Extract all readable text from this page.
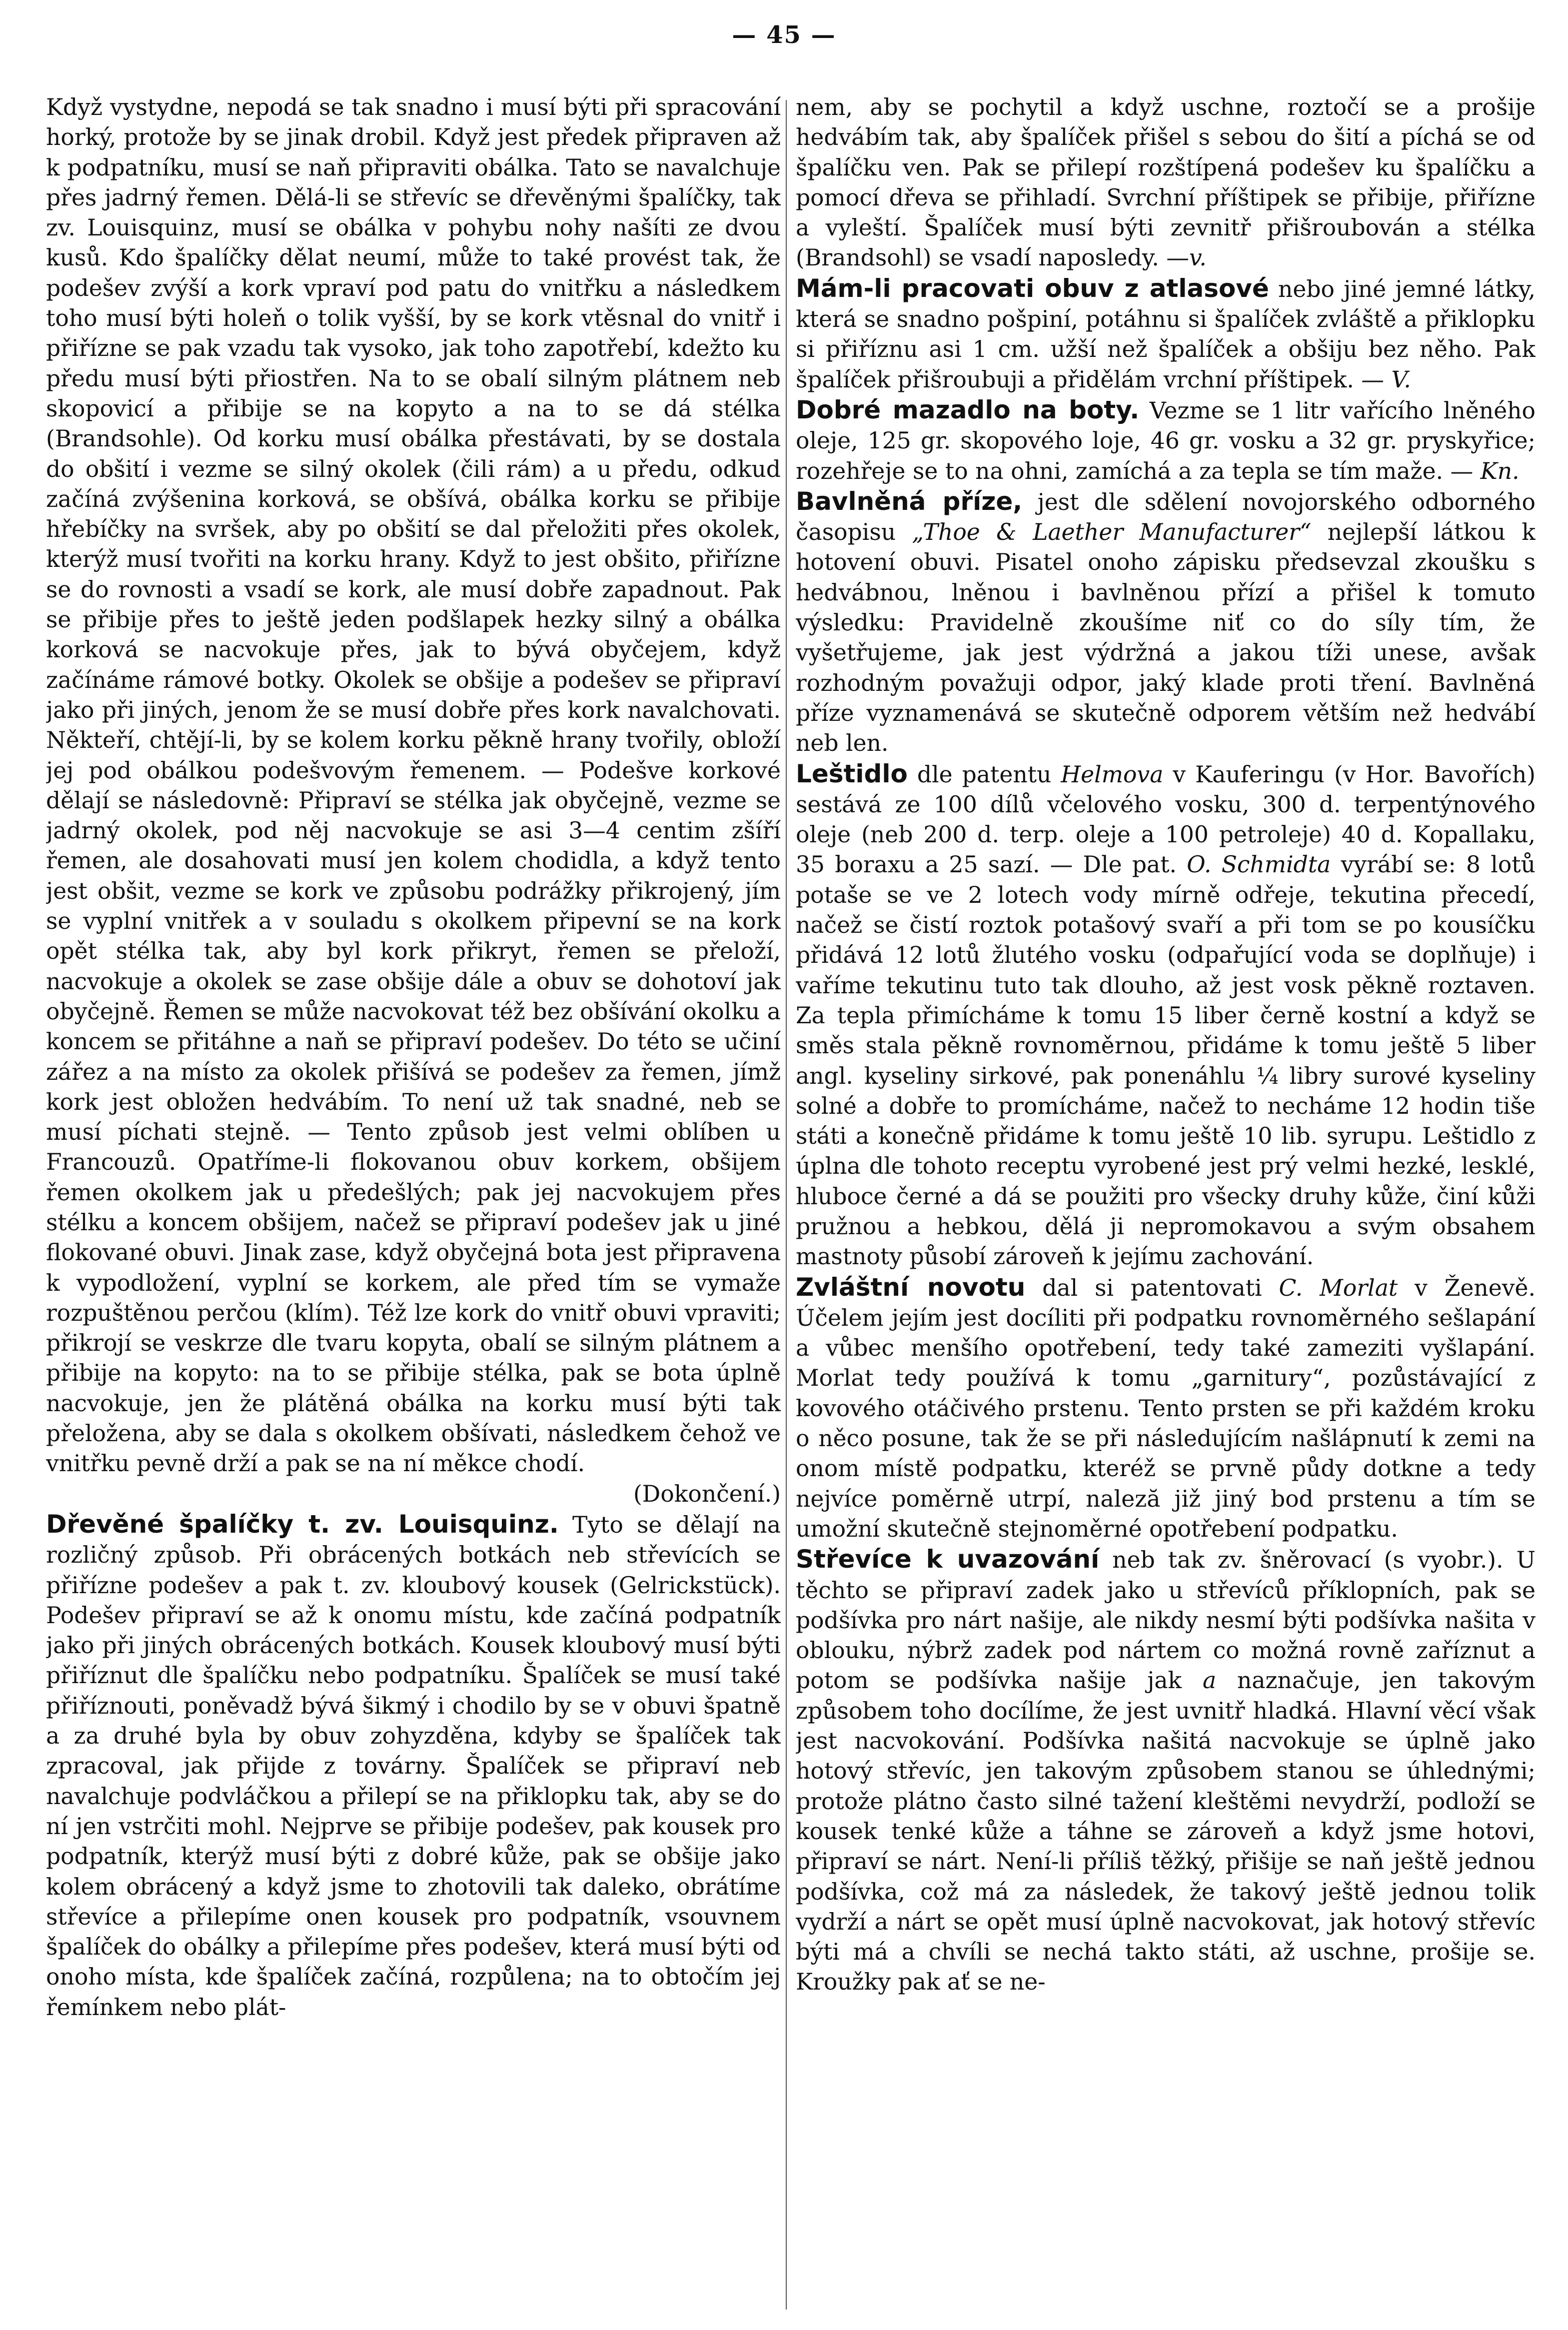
— 45 —

Když vystydne, nepodá se tak snadno i musí býti při spracování horký, protože by se jinak drobil. Když jest předek připraven až k podpatníku, musí se naň připraviti obálka. Tato se navalchuje přes jadrný řemen. Dělá-li se střevíc se dřevěnými špalíčky, tak zv. Louisquinz, musí se obálka v pohybu nohy našíti ze dvou kusů. Kdo špalíčky dělat neumí, může to také provést tak, že podešev zvýší a kork vpraví pod patu do vnitřku a následkem toho musí býti holeň o tolik vyšší, by se kork vtěsnal do vnitř i přiřízne se pak vzadu tak vysoko, jak toho zapotřebí, kdežto ku předu musí býti přiostřen. Na to se obalí silným plátnem neb skopovicí a přibije se na kopyto a na to se dá stélka (Brandsohle). Od korku musí obálka přestávati, by se dostala do obšití i vezme se silný okolek (čili rám) a u předu, odkud začíná zvýšenina korková, se obšívá, obálka korku se přibije hřebíčky na svršek, aby po obšití se dal přeložiti přes okolek, kterýž musí tvořiti na korku hrany. Když to jest obšito, přiřízne se do rovnosti a vsadí se kork, ale musí dobře zapadnout. Pak se přibije přes to ještě jeden podšlapek hezky silný a obálka korková se nacvokuje přes, jak to bývá obyčejem, když začínáme rámové botky. Okolek se obšije a podešev se připraví jako při jiných, jenom že se musí dobře přes kork navalchovati. Někteří, chtějí-li, by se kolem korku pěkně hrany tvořily, obloží jej pod obálkou podešvovým řemenem. — Podešve korkové dělají se následovně: Připraví se stélka jak obyčejně, vezme se jadrný okolek, pod něj nacvokuje se asi 3—4 centim zšíří řemen, ale dosahovati musí jen kolem chodidla, a když tento jest obšit, vezme se kork ve způsobu podrážky přikrojený, jím se vyplní vnitřek a v souladu s okolkem připevní se na kork opět stélka tak, aby byl kork přikryt, řemen se přeloží, nacvokuje a okolek se zase obšije dále a obuv se dohotoví jak obyčejně. Řemen se může nacvokovat též bez obšívání okolku a koncem se přitáhne a naň se připraví podešev. Do této se učiní zářez a na místo za okolek přišívá se podešev za řemen, jímž kork jest obložen hedvábím. To není už tak snadné, neb se musí píchati stejně. — Tento způsob jest velmi oblíben u Francouzů. Opatříme-li flokovanou obuv korkem, obšijem řemen okolkem jak u předešlých; pak jej nacvokujem přes stélku a koncem obšijem, načež se připraví podešev jak u jiné flokované obuvi. Jinak zase, když obyčejná bota jest připravena k vypodložení, vyplní se korkem, ale před tím se vymaže rozpuštěnou perčou (klím). Též lze kork do vnitř obuvi vpraviti; přikrojí se veskrze dle tvaru kopyta, obalí se silným plátnem a přibije na kopyto: na to se přibije stélka, pak se bota úplně nacvokuje, jen že plátěná obálka na korku musí býti tak přeložena, aby se dala s okolkem obšívati, následkem čehož ve vnitřku pevně drží a pak se na ní měkce chodí.

(Dokončení.)

Dřevěné špalíčky t. zv. Louisquinz. Tyto se dělají na rozličný způsob. Při obrácených botkách neb střevících se přiřízne podešev a pak t. zv. kloubový kousek (Gelrickstück). Podešev připraví se až k onomu místu, kde začíná podpatník jako při jiných obrácených botkách. Kousek kloubový musí býti přiříznut dle špalíčku nebo podpatníku. Špalíček se musí také přiříznouti, poněvadž bývá šikmý i chodilo by se v obuvi špatně a za druhé byla by obuv zohyzděna, kdyby se špalíček tak zpracoval, jak přijde z továrny. Špalíček se připraví neb navalchuje podvláčkou a přilepí se na přiklopku tak, aby se do ní jen vstrčiti mohl. Nejprve se přibije podešev, pak kousek pro podpatník, kterýž musí býti z dobré kůže, pak se obšije jako kolem obrácený a když jsme to zhotovili tak daleko, obrátíme střevíce a přilepíme onen kousek pro podpatník, vsouvnem špalíček do obálky a přilepíme přes podešev, která musí býti od onoho místa, kde špalíček začíná, rozpůlena; na to obtočím jej řemínkem nebo plát-

nem, aby se pochytil a když uschne, roztočí se a prošije hedvábím tak, aby špalíček přišel s sebou do šití a píchá se od špalíčku ven. Pak se přilepí rozštípená podešev ku špalíčku a pomocí dřeva se přihladí. Svrchní příštipek se přibije, přiřízne a vyleští. Špalíček musí býti zevnitř přišroubován a stélka (Brandsohl) se vsadí naposledy. —v.

Mám-li pracovati obuv z atlasové nebo jiné jemné látky, která se snadno pošpiní, potáhnu si špalíček zvláště a přiklopku si přiříznu asi 1 cm. užší než špalíček a obšiju bez něho. Pak špalíček přišroubuji a přidělám vrchní příštipek. — V.

Dobré mazadlo na boty. Vezme se 1 litr vařícího lněného oleje, 125 gr. skopového loje, 46 gr. vosku a 32 gr. pryskyřice; rozehřeje se to na ohni, zamíchá a za tepla se tím maže. — Kn.

Bavlněná příze, jest dle sdělení novojorského odborného časopisu „Thoe & Laether Manufacturer“ nejlepší látkou k hotovení obuvi. Pisatel onoho zápisku předsevzal zkoušku s hedvábnou, lněnou i bavlněnou přízí a přišel k tomuto výsledku: Pravidelně zkoušíme niť co do síly tím, že vyšetřujeme, jak jest výdržná a jakou tíži unese, avšak rozhodným považuji odpor, jaký klade proti tření. Bavlněná příze vyznamenává se skutečně odporem větším než hedvábí neb len.

Leštidlo dle patentu Helmova v Kauferingu (v Hor. Bavořích) sestává ze 100 dílů včelového vosku, 300 d. terpentýnového oleje (neb 200 d. terp. oleje a 100 petroleje) 40 d. Kopallaku, 35 boraxu a 25 sazí. — Dle pat. O. Schmidta vyrábí se: 8 lotů potaše se ve 2 lotech vody mírně odřeje, tekutina přecedí, načež se čistí roztok potašový svaří a při tom se po kousíčku přidává 12 lotů žlutého vosku (odpařující voda se doplňuje) i vaříme tekutinu tuto tak dlouho, až jest vosk pěkně roztaven. Za tepla přimícháme k tomu 15 liber černě kostní a když se směs stala pěkně rovnoměrnou, přidáme k tomu ještě 5 liber angl. kyseliny sirkové, pak ponenáhlu ¼ libry surové kyseliny solné a dobře to promícháme, načež to necháme 12 hodin tiše státi a konečně přidáme k tomu ještě 10 lib. syrupu. Leštidlo z úplna dle tohoto receptu vyrobené jest prý velmi hezké, lesklé, hluboce černé a dá se použiti pro všecky druhy kůže, činí kůži pružnou a hebkou, dělá ji nepromokavou a svým obsahem mastnoty působí zároveň k jejímu zachování.

Zvláštní novotu dal si patentovati C. Morlat v Ženevě. Účelem jejím jest docíliti při podpatku rovnoměrného sešlapání a vůbec menšího opotřebení, tedy také zameziti vyšlapání. Morlat tedy používá k tomu „garnitury“, pozůstávající z kovového otáčivého prstenu. Tento prsten se při každém kroku o něco posune, tak že se při následujícím našlápnutí k zemi na onom místě podpatku, kteréž se prvně půdy dotkne a tedy nejvíce poměrně utrpí, naleză již jiný bod prstenu a tím se umožní skutečně stejnoměrné opotřebení podpatku.

Střevíce k uvazování neb tak zv. šněrovací (s vyobr.). U těchto se připraví zadek jako u střevíců příklopních, pak se podšívka pro nárt našije, ale nikdy nesmí býti podšívka našita v oblouku, nýbrž zadek pod nártem co možná rovně zaříznut a potom se podšívka našije jak a naznačuje, jen takovým způsobem toho docílíme, že jest uvnitř hladká. Hlavní věcí však jest nacvokování. Podšívka našitá nacvokuje se úplně jako hotový střevíc, jen takovým způsobem stanou se úhlednými; protože plátno často silné tažení kleštěmi nevydrží, podloží se kousek tenké kůže a táhne se zároveň a když jsme hotovi, připraví se nárt. Není-li příliš těžký, přišije se naň ještě jednou podšívka, což má za následek, že takový ještě jednou tolik vydrží a nárt se opět musí úplně nacvokovat, jak hotový střevíc býti má a chvíli se nechá takto státi, až uschne, prošije se. Kroužky pak ať se ne-
